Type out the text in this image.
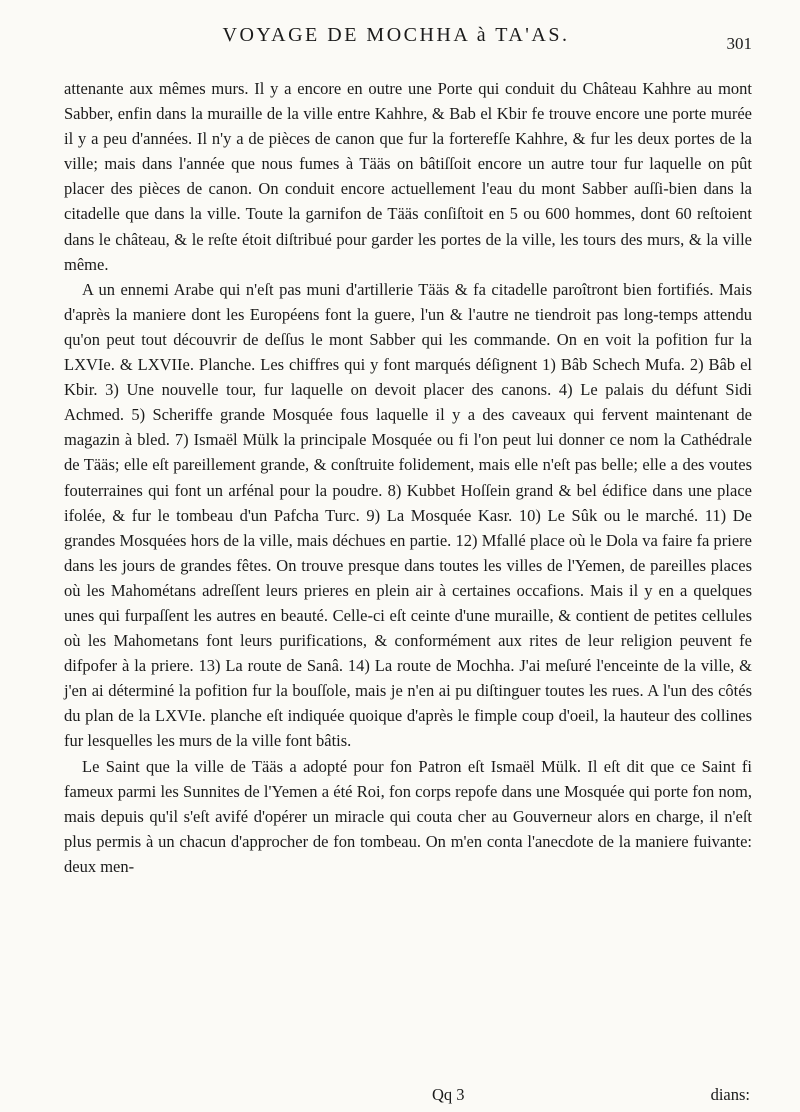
VOYAGE DE MOCHHA à TA'AS.	301

attenante aux mêmes murs. Il y a encore en outre une Porte qui conduit du Château Kahhre au mont Sabber, enfin dans la muraille de la ville entre Kahhre, & Bab el Kbir fe trouve encore une porte murée il y a peu d'années. Il n'y a de pièces de canon que fur la forterefſe Kahhre, & fur les deux portes de la ville; mais dans l'année que nous fumes à Tääs on bâtiſſoit encore un autre tour fur laquelle on pût placer des pièces de canon. On conduit encore actuellement l'eau du mont Sabber auſſi-bien dans la citadelle que dans la ville. Toute la garnifon de Tääs conſiſtoit en 5 ou 600 hommes, dont 60 reſtoient dans le château, & le reſte étoit diſtribué pour garder les portes de la ville, les tours des murs, & la ville même.

A un ennemi Arabe qui n'eſt pas muni d'artillerie Tääs & fa citadelle paroîtront bien fortifiés. Mais d'après la maniere dont les Européens font la guere, l'un & l'autre ne tiendroit pas long-temps attendu qu'on peut tout découvrir de deſſus le mont Sabber qui les commande. On en voit la pofition fur la LXVIe. & LXVIIe. Planche. Les chiffres qui y font marqués déſignent 1) Bâb Schech Mufa. 2) Bâb el Kbir. 3) Une nouvelle tour, fur laquelle on devoit placer des canons. 4) Le palais du défunt Sidi Achmed. 5) Scheriffe grande Mosquée fous laquelle il y a des caveaux qui fervent maintenant de magazin à bled. 7) Ismaël Mülk la principale Mosquée ou fi l'on peut lui donner ce nom la Cathédrale de Tääs; elle eſt pareillement grande, & conſtruite folidement, mais elle n'eſt pas belle; elle a des voutes fouterraines qui font un arfénal pour la poudre. 8) Kubbet Hoſſein grand & bel édifice dans une place ifolée, & fur le tombeau d'un Pafcha Turc. 9) La Mosquée Kasr. 10) Le Sûk ou le marché. 11) De grandes Mosquées hors de la ville, mais déchues en partie. 12) Mfallé place où le Dola va faire fa priere dans les jours de grandes fêtes. On trouve presque dans toutes les villes de l'Yemen, de pareilles places où les Mahométans adreſſent leurs prieres en plein air à certaines occafions. Mais il y en a quelques unes qui furpaſſent les autres en beauté. Celle-ci eſt ceinte d'une muraille, & contient de petites cellules où les Mahometans font leurs purifications, & conformément aux rites de leur religion peuvent fe difpofer à la priere. 13) La route de Sanâ. 14) La route de Mochha. J'ai meſuré l'enceinte de la ville, & j'en ai déterminé la pofition fur la bouſſole, mais je n'en ai pu diſtinguer toutes les rues. A l'un des côtés du plan de la LXVIe. planche eſt indiquée quoique d'après le fimple coup d'oeil, la hauteur des collines fur lesquelles les murs de la ville font bâtis.

Le Saint que la ville de Tääs a adopté pour fon Patron eſt Ismaël Mülk. Il eſt dit que ce Saint fi fameux parmi les Sunnites de l'Yemen a été Roi, fon corps repofe dans une Mosquée qui porte fon nom, mais depuis qu'il s'eſt avifé d'opérer un miracle qui couta cher au Gouverneur alors en charge, il n'eſt plus permis à un chacun d'approcher de fon tombeau. On m'en conta l'anecdote de la maniere fuivante: deux men-

Qq 3	dians:
